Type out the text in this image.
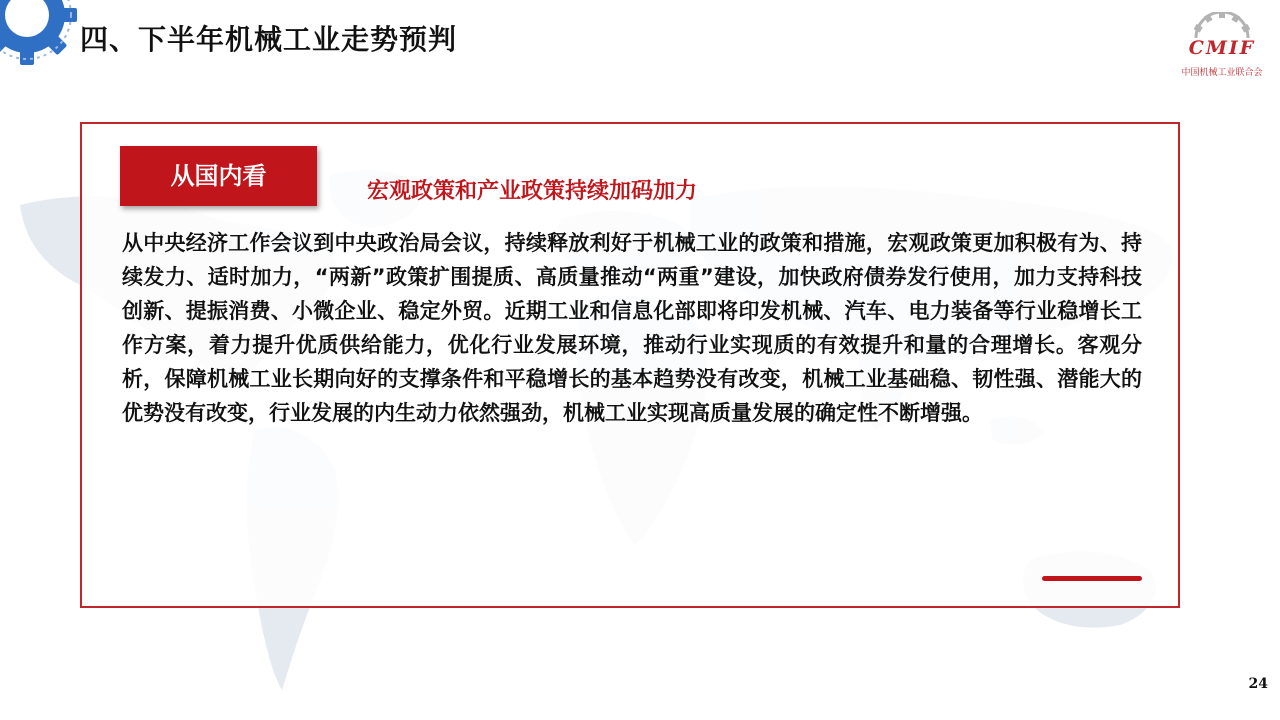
四、下半年机械工业走势预判	CMIF
中国机械工业联合会
从国内看
宏观政策和产业政策持续加码加力

从中央经济工作会议到中央政治局会议，持续释放利好于机械工业的政策和措施，宏观政策更加积极有为、持续发力、适时加力，“两新”政策扩围提质、高质量推动“两重”建设，加快政府债券发行使用，加力支持科技创新、提振消费、小微企业、稳定外贸。近期工业和信息化部即将印发机械、汽车、电力装备等行业稳增长工作方案，着力提升优质供给能力，优化行业发展环境，推动行业实现质的有效提升和量的合理增长。客观分析，保障机械工业长期向好的支撑条件和平稳增长的基本趋势没有改变，机械工业基础稳、韧性强、潜能大的优势没有改变，行业发展的内生动力依然强劲，机械工业实现高质量发展的确定性不断增强。

24
